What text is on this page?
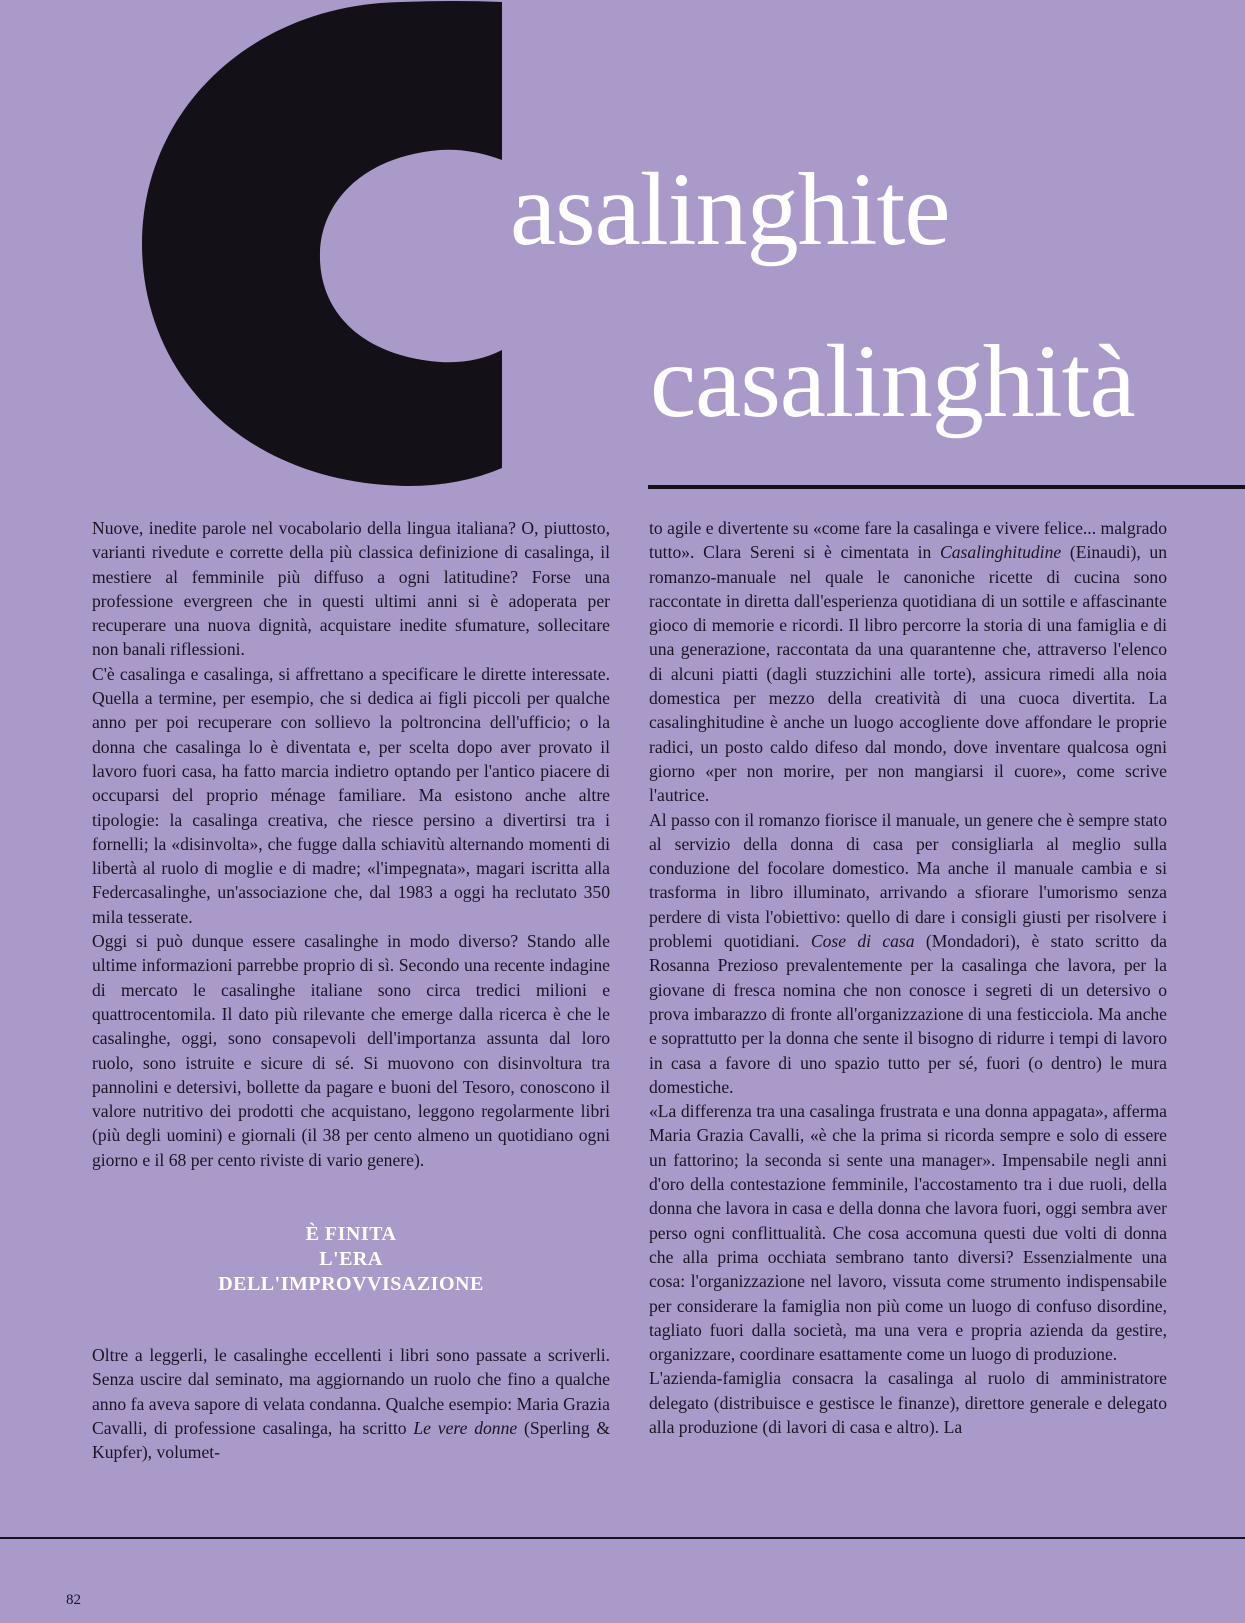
asalinghite
casalinghità

Nuove, inedite parole nel vocabolario della lingua italiana? O, piuttosto, varianti rivedute e corrette della più classica definizione di casalinga, il mestiere al femminile più diffuso a ogni latitudine? Forse una professione evergreen che in questi ultimi anni si è adoperata per recuperare una nuova dignità, acquistare inedite sfumature, sollecitare non banali riflessioni.

C'è casalinga e casalinga, si affrettano a specificare le dirette interessate. Quella a termine, per esempio, che si dedica ai figli piccoli per qualche anno per poi recuperare con sollievo la poltroncina dell'ufficio; o la donna che casalinga lo è diventata e, per scelta dopo aver provato il lavoro fuori casa, ha fatto marcia indietro optando per l'antico piacere di occuparsi del proprio ménage familiare. Ma esistono anche altre tipologie: la casalinga creativa, che riesce persino a divertirsi tra i fornelli; la «disinvolta», che fugge dalla schiavitù alternando momenti di libertà al ruolo di moglie e di madre; «l'impegnata», magari iscritta alla Federcasalinghe, un'associazione che, dal 1983 a oggi ha reclutato 350 mila tesserate.

Oggi si può dunque essere casalinghe in modo diverso? Stando alle ultime informazioni parrebbe proprio di sì. Secondo una recente indagine di mercato le casalinghe italiane sono circa tredici milioni e quattrocentomila. Il dato più rilevante che emerge dalla ricerca è che le casalinghe, oggi, sono consapevoli dell'importanza assunta dal loro ruolo, sono istruite e sicure di sé. Si muovono con disinvoltura tra pannolini e detersivi, bollette da pagare e buoni del Tesoro, conoscono il valore nutritivo dei prodotti che acquistano, leggono regolarmente libri (più degli uomini) e giornali (il 38 per cento almeno un quotidiano ogni giorno e il 68 per cento riviste di vario genere).

È FINITA
L'ERA
DELL'IMPROVVISAZIONE

Oltre a leggerli, le casalinghe eccellenti i libri sono passate a scriverli. Senza uscire dal seminato, ma aggiornando un ruolo che fino a qualche anno fa aveva sapore di velata condanna. Qualche esempio: Maria Grazia Cavalli, di professione casalinga, ha scritto Le vere donne (Sperling & Kupfer), volumet-

to agile e divertente su «come fare la casalinga e vivere felice... malgrado tutto». Clara Sereni si è cimentata in Casalinghitudine (Einaudi), un romanzo-manuale nel quale le canoniche ricette di cucina sono raccontate in diretta dall'esperienza quotidiana di un sottile e affascinante gioco di memorie e ricordi. Il libro percorre la storia di una famiglia e di una generazione, raccontata da una quarantenne che, attraverso l'elenco di alcuni piatti (dagli stuzzichini alle torte), assicura rimedi alla noia domestica per mezzo della creatività di una cuoca divertita. La casalinghitudine è anche un luogo accogliente dove affondare le proprie radici, un posto caldo difeso dal mondo, dove inventare qualcosa ogni giorno «per non morire, per non mangiarsi il cuore», come scrive l'autrice.

Al passo con il romanzo fiorisce il manuale, un genere che è sempre stato al servizio della donna di casa per consigliarla al meglio sulla conduzione del focolare domestico. Ma anche il manuale cambia e si trasforma in libro illuminato, arrivando a sfiorare l'umorismo senza perdere di vista l'obiettivo: quello di dare i consigli giusti per risolvere i problemi quotidiani. Cose di casa (Mondadori), è stato scritto da Rosanna Prezioso prevalentemente per la casalinga che lavora, per la giovane di fresca nomina che non conosce i segreti di un detersivo o prova imbarazzo di fronte all'organizzazione di una festicciola. Ma anche e soprattutto per la donna che sente il bisogno di ridurre i tempi di lavoro in casa a favore di uno spazio tutto per sé, fuori (o dentro) le mura domestiche.

«La differenza tra una casalinga frustrata e una donna appagata», afferma Maria Grazia Cavalli, «è che la prima si ricorda sempre e solo di essere un fattorino; la seconda si sente una manager». Impensabile negli anni d'oro della contestazione femminile, l'accostamento tra i due ruoli, della donna che lavora in casa e della donna che lavora fuori, oggi sembra aver perso ogni conflittualità. Che cosa accomuna questi due volti di donna che alla prima occhiata sembrano tanto diversi? Essenzialmente una cosa: l'organizzazione nel lavoro, vissuta come strumento indispensabile per considerare la famiglia non più come un luogo di confuso disordine, tagliato fuori dalla società, ma una vera e propria azienda da gestire, organizzare, coordinare esattamente come un luogo di produzione.

L'azienda-famiglia consacra la casalinga al ruolo di amministratore delegato (distribuisce e gestisce le finanze), direttore generale e delegato alla produzione (di lavori di casa e altro). La

82
